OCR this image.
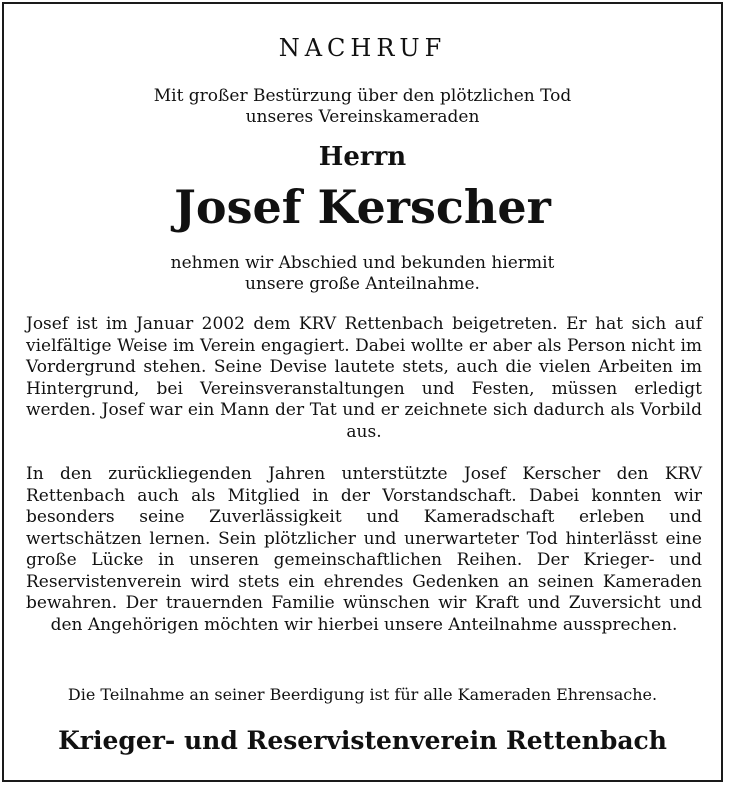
NACHRUF
Mit großer Bestürzung über den plötzlichen Tod
unseres Vereinskameraden
Herrn
Josef Kerscher
nehmen wir Abschied und bekunden hiermit
unsere große Anteilnahme.
Josef ist im Januar 2002 dem KRV Rettenbach beigetreten. Er hat sich auf vielfältige Weise im Verein engagiert. Dabei wollte er aber als Person nicht im Vordergrund stehen. Seine Devise lautete stets, auch die vielen Arbeiten im Hintergrund, bei Vereinsveranstaltungen und Festen, müssen erledigt werden. Josef war ein Mann der Tat und er zeichnete sich dadurch als Vorbild aus.
In den zurückliegenden Jahren unterstützte Josef Kerscher den KRV Rettenbach auch als Mitglied in der Vorstandschaft. Dabei konnten wir besonders seine Zuverlässigkeit und Kameradschaft erleben und wertschätzen lernen. Sein plötzlicher und unerwarteter Tod hinterlässt eine große Lücke in unseren gemeinschaftlichen Reihen. Der Krieger- und Reservistenverein wird stets ein ehrendes Gedenken an seinen Kameraden bewahren. Der trauernden Familie wünschen wir Kraft und Zuversicht und den Angehörigen möchten wir hierbei unsere Anteilnahme aussprechen.
Die Teilnahme an seiner Beerdigung ist für alle Kameraden Ehrensache.
Krieger- und Reservistenverein Rettenbach
